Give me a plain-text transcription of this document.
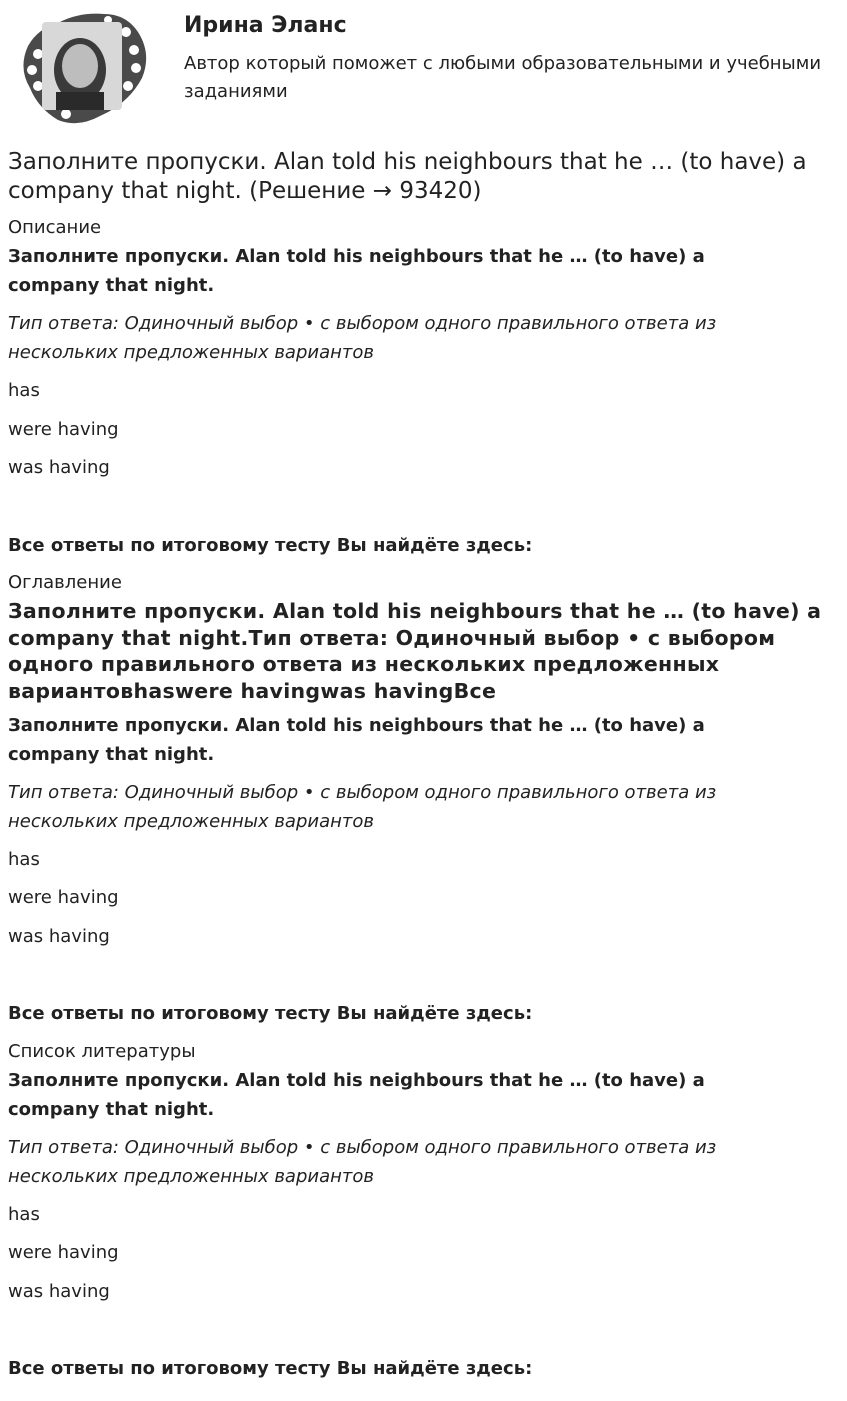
Ирина Эланс
Автор который поможет с любыми образовательными и учебными заданиями
Заполните пропуски. Alan told his neighbours that he … (to have) a company that night. (Решение → 93420)
Описание
Заполните пропуски. Alan told his neighbours that he … (to have) a company that night.
Тип ответа: Одиночный выбор • с выбором одного правильного ответа из нескольких предложенных вариантов
has
were having
was having
Все ответы по итоговому тесту Вы найдёте здесь:
Оглавление
Заполните пропуски. Alan told his neighbours that he … (to have) a company that night.Тип ответа: Одиночный выбор • с выбором одного правильного ответа из нескольких предложенных вариантовhaswere havingwas havingВсе
Заполните пропуски. Alan told his neighbours that he … (to have) a company that night.
Тип ответа: Одиночный выбор • с выбором одного правильного ответа из нескольких предложенных вариантов
has
were having
was having
Все ответы по итоговому тесту Вы найдёте здесь:
Список литературы
Заполните пропуски. Alan told his neighbours that he … (to have) a company that night.
Тип ответа: Одиночный выбор • с выбором одного правильного ответа из нескольких предложенных вариантов
has
were having
was having
Все ответы по итоговому тесту Вы найдёте здесь:
